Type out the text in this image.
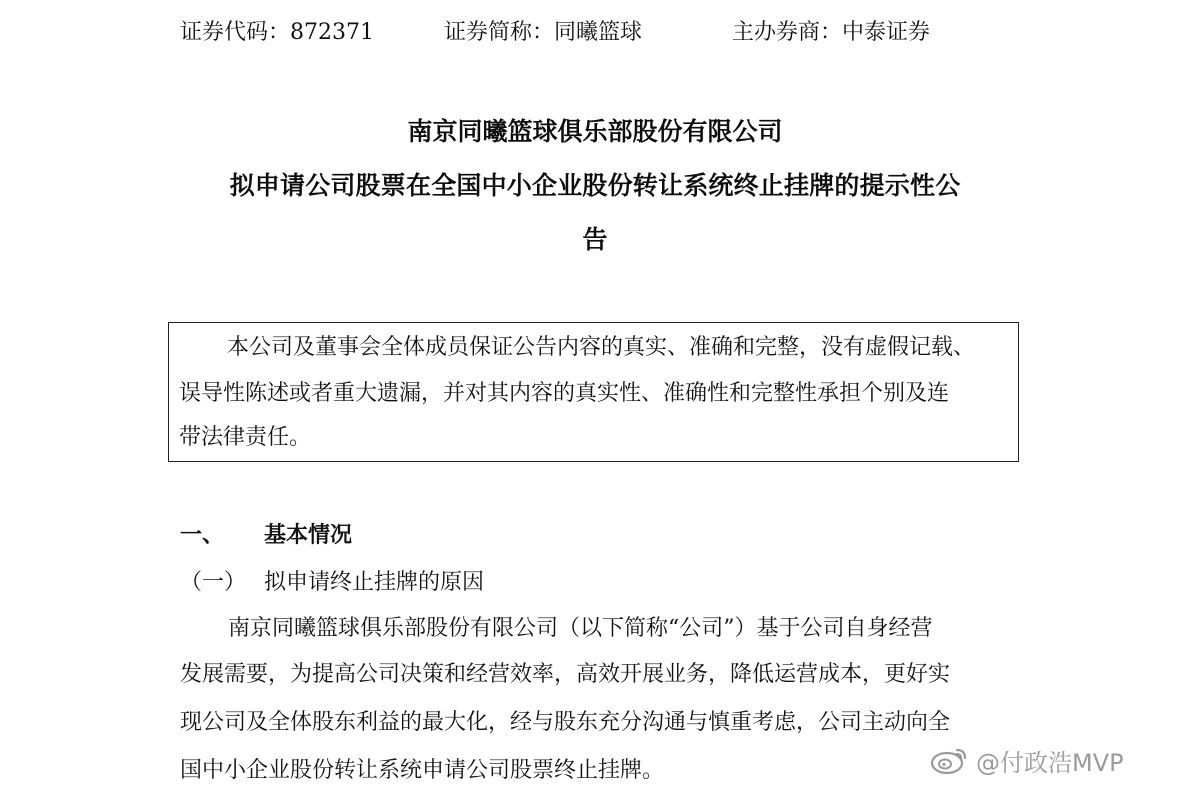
证券代码：872371	证券简称：同曦篮球	主办券商：中泰证券
南京同曦篮球俱乐部股份有限公司
拟申请公司股票在全国中小企业股份转让系统终止挂牌的提示性公
告
本公司及董事会全体成员保证公告内容的真实、准确和完整，没有虚假记载、
误导性陈述或者重大遗漏，并对其内容的真实性、准确性和完整性承担个别及连
带法律责任。
一、 基本情况
（一） 拟申请终止挂牌的原因
南京同曦篮球俱乐部股份有限公司（以下简称“公司”）基于公司自身经营
发展需要，为提高公司决策和经营效率，高效开展业务，降低运营成本，更好实
现公司及全体股东利益的最大化，经与股东充分沟通与慎重考虑，公司主动向全
国中小企业股份转让系统申请公司股票终止挂牌。	@付政浩MVP
